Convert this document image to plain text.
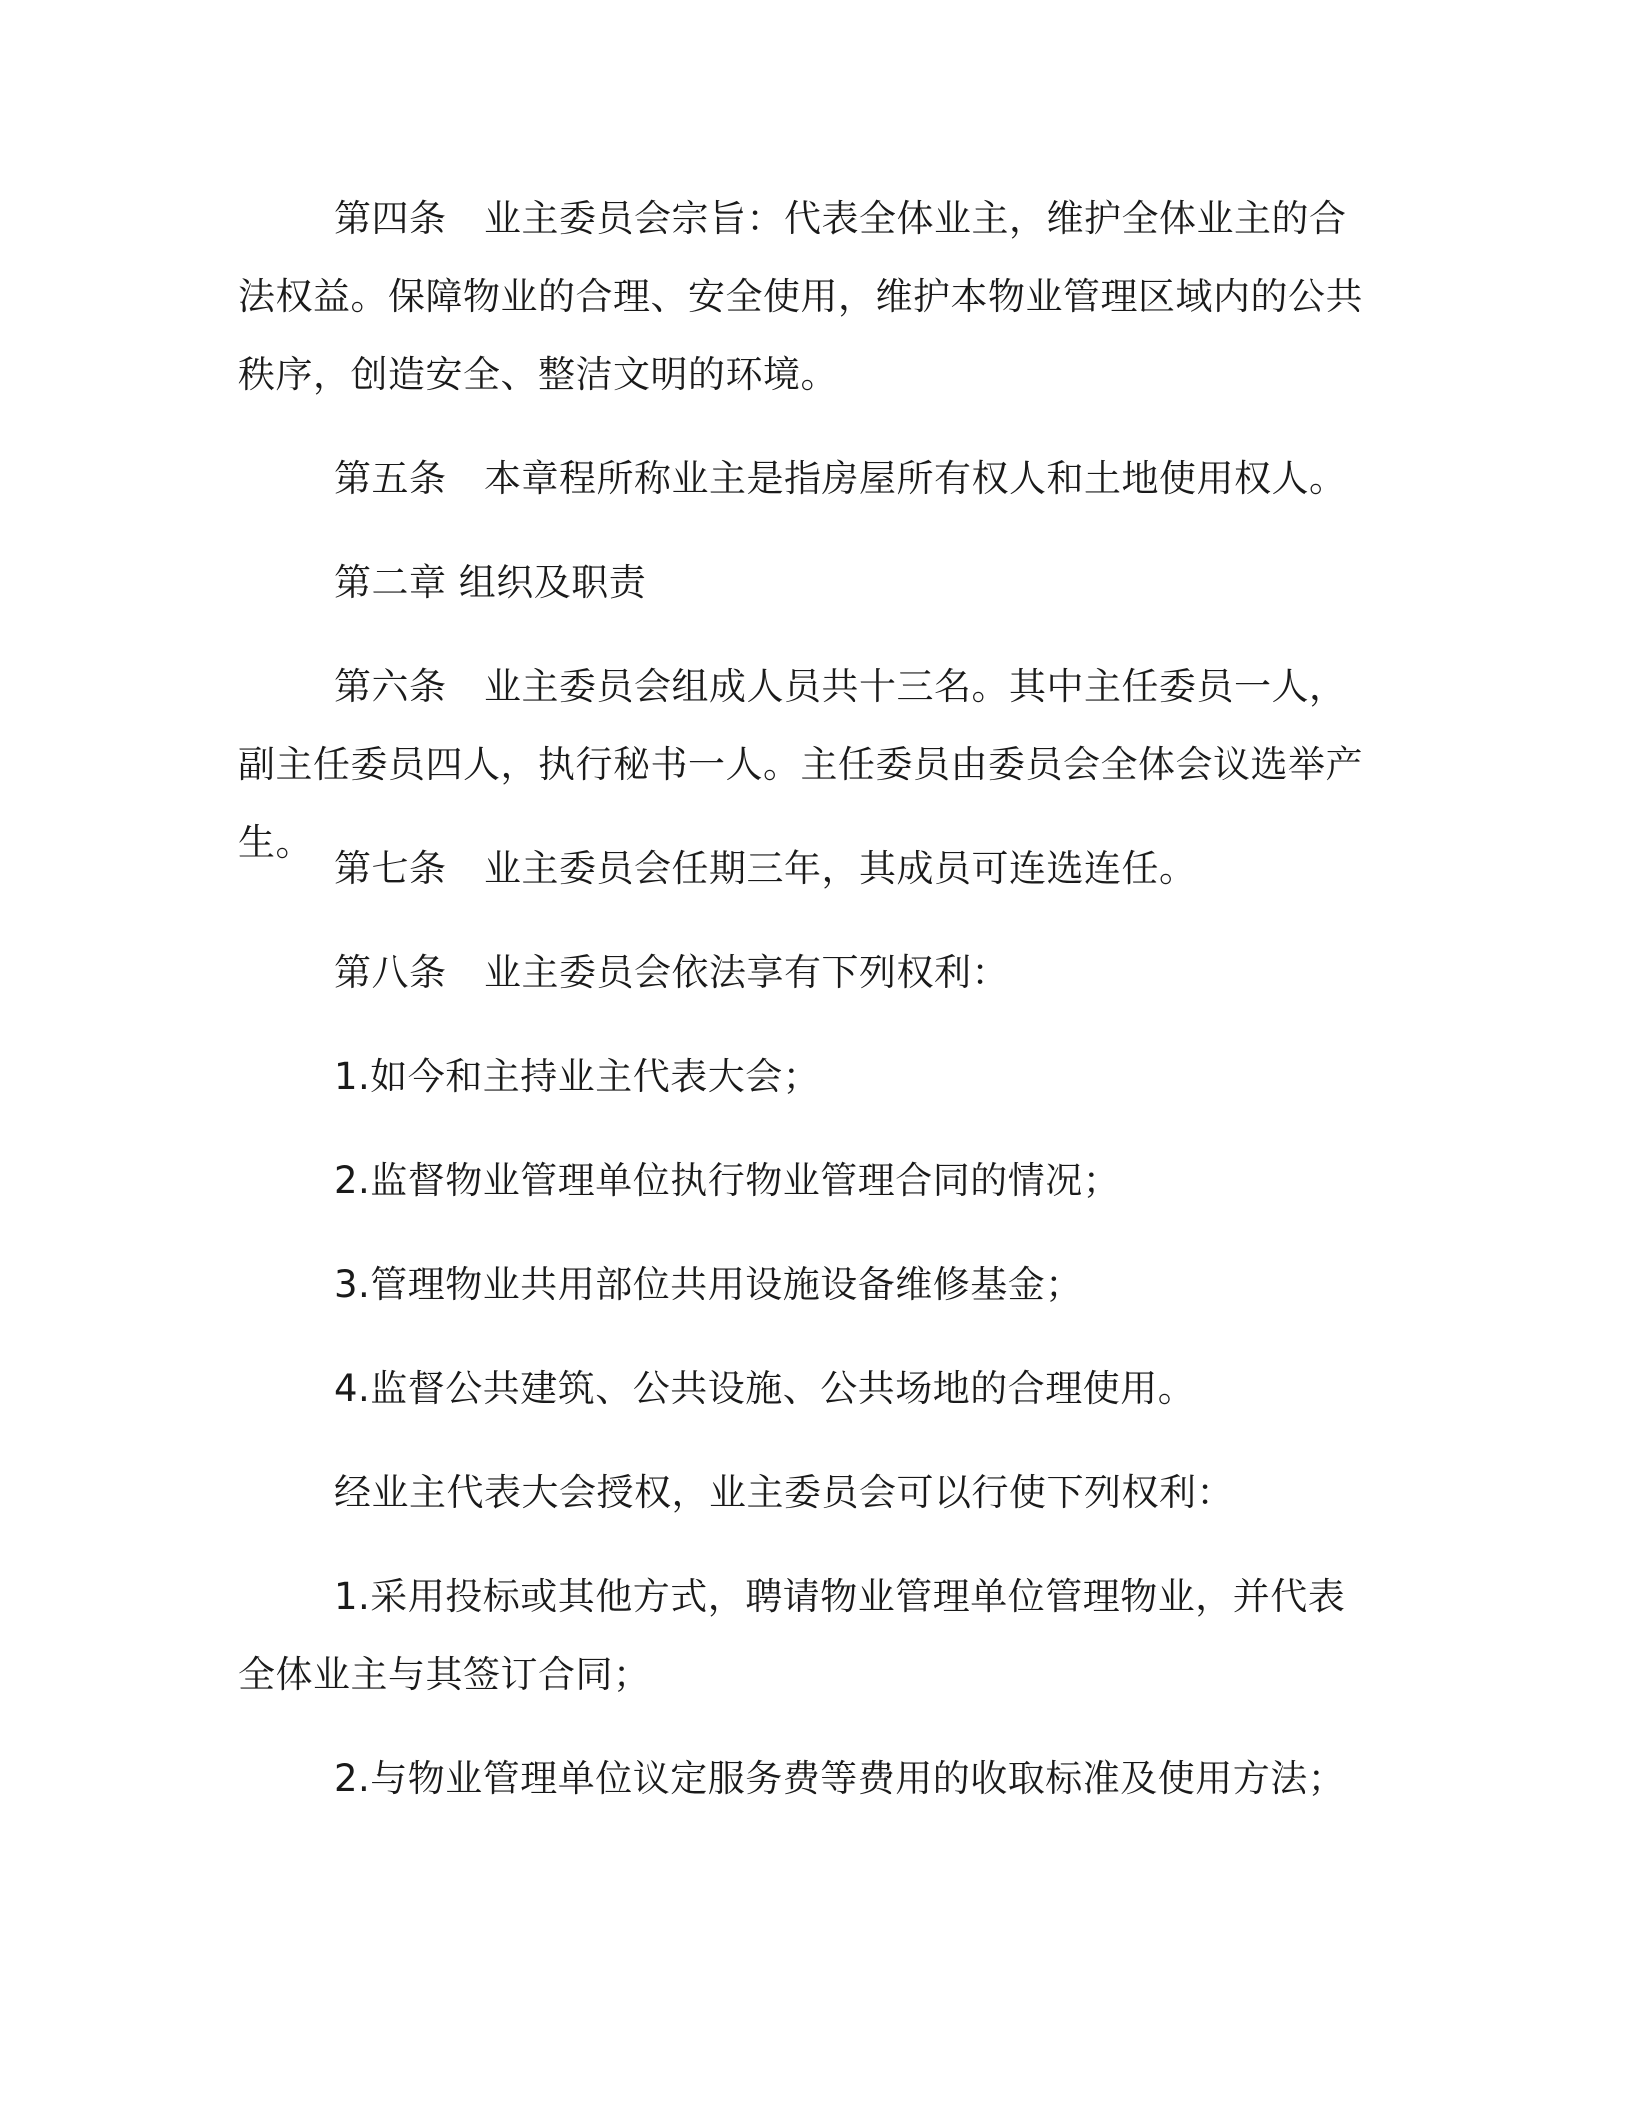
第四条　业主委员会宗旨：代表全体业主，维护全体业主的合法权益。保障物业的合理、安全使用，维护本物业管理区域内的公共秩序，创造安全、整洁文明的环境。
第五条　本章程所称业主是指房屋所有权人和土地使用权人。
第二章 组织及职责
第六条　业主委员会组成人员共十三名。其中主任委员一人，副主任委员四人，执行秘书一人。主任委员由委员会全体会议选举产生。
第七条　业主委员会任期三年，其成员可连选连任。
第八条　业主委员会依法享有下列权利：
1.如今和主持业主代表大会；
2.监督物业管理单位执行物业管理合同的情况；
3.管理物业共用部位共用设施设备维修基金；
4.监督公共建筑、公共设施、公共场地的合理使用。
经业主代表大会授权，业主委员会可以行使下列权利：
1.采用投标或其他方式，聘请物业管理单位管理物业，并代表全体业主与其签订合同；
2.与物业管理单位议定服务费等费用的收取标准及使用方法；
